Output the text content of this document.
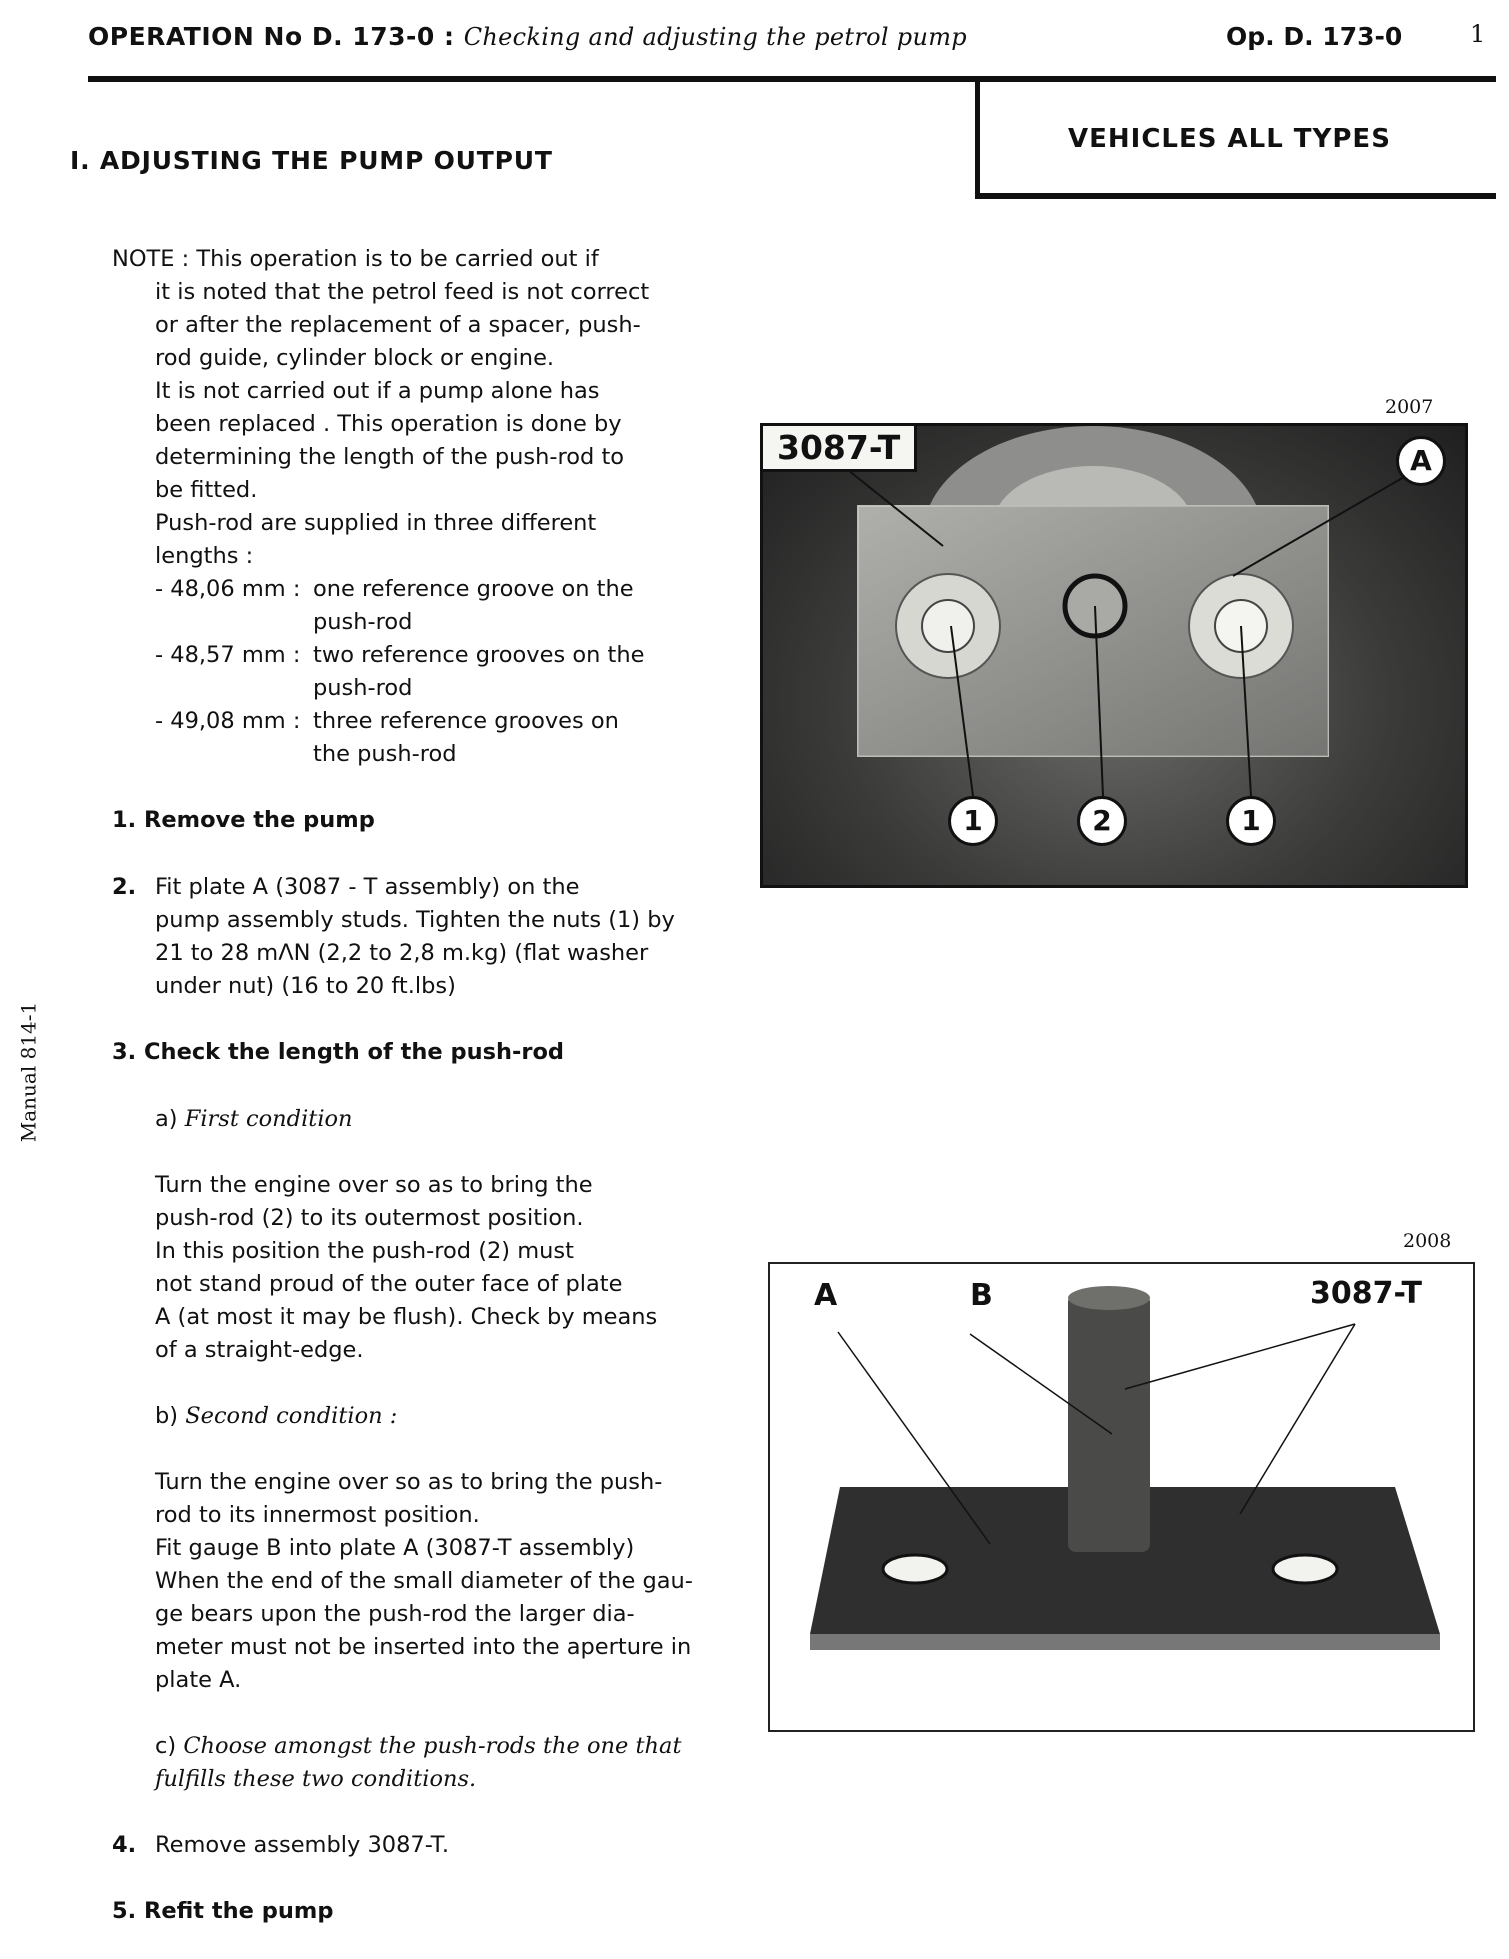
OPERATION No D. 173-0 : Checking and adjusting the petrol pump	Op. D. 173-0	1
VEHICLES ALL TYPES
I. ADJUSTING THE PUMP OUTPUT
Manual 814-1
NOTE : This operation is to be carried out if
it is noted that the petrol feed is not correct
or after the replacement of a spacer, push-
rod guide, cylinder block or engine.
It is not carried out if a pump alone has
been replaced . This operation is done by
determining the length of the push-rod to
be fitted.
Push-rod are supplied in three different
lengths :
- 48,06 mm : one reference groove on the
push-rod
- 48,57 mm : two reference grooves on the
push-rod
- 49,08 mm : three reference grooves on
the push-rod
1. Remove the pump
2. Fit plate A (3087 - T assembly) on the
pump assembly studs. Tighten the nuts (1) by
21 to 28 mΛN (2,2 to 2,8 m.kg) (flat washer
under nut) (16 to 20 ft.lbs)
3. Check the length of the push-rod
a) First condition
Turn the engine over so as to bring the
push-rod (2) to its outermost position.
In this position the push-rod (2) must
not stand proud of the outer face of plate
A (at most it may be flush). Check by means
of a straight-edge.
b) Second condition :
Turn the engine over so as to bring the push-
rod to its innermost position.
Fit gauge B into plate A (3087-T assembly)
When the end of the small diameter of the gau-
ge bears upon the push-rod the larger dia-
meter must not be inserted into the aperture in
plate A.
c) Choose amongst the push-rods the one that
fulfills these two conditions.
4. Remove assembly 3087-T.
5. Refit the pump
2007
3087-T	A
1	2	1
2008
A	B	3087-T
